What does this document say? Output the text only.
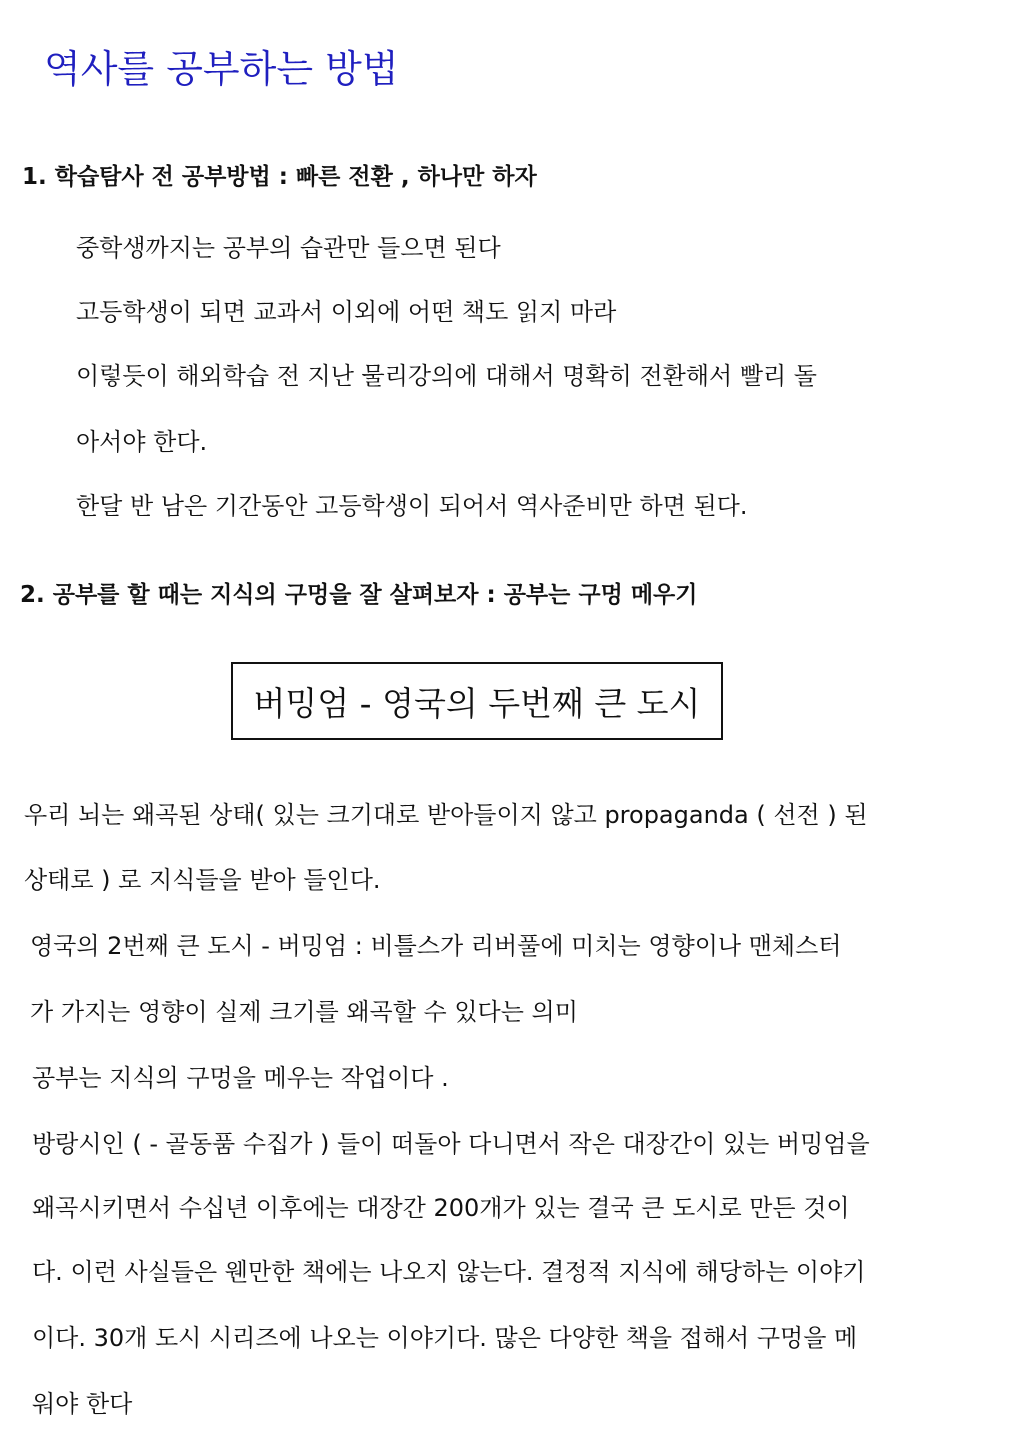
역사를 공부하는 방법
1. 학습탐사 전 공부방법 : 빠른 전환 , 하나만 하자
중학생까지는 공부의 습관만 들으면 된다
고등학생이 되면 교과서 이외에 어떤 책도 읽지 마라
이렇듯이 해외학습 전 지난 물리강의에 대해서 명확히 전환해서 빨리 돌
아서야 한다.
한달 반 남은 기간동안 고등학생이 되어서 역사준비만 하면 된다.
2. 공부를 할 때는 지식의 구멍을 잘 살펴보자 : 공부는 구멍 메우기
버밍엄 - 영국의 두번째 큰 도시
우리 뇌는 왜곡된 상태( 있는 크기대로 받아들이지 않고 propaganda ( 선전 ) 된
상태로 ) 로 지식들을 받아 들인다.
영국의 2번째 큰 도시 - 버밍엄 : 비틀스가 리버풀에 미치는 영향이나 맨체스터
가 가지는 영향이 실제 크기를 왜곡할 수 있다는 의미
공부는 지식의 구멍을 메우는 작업이다 .
방랑시인 ( - 골동품 수집가 ) 들이 떠돌아 다니면서 작은 대장간이 있는 버밍엄을
왜곡시키면서 수십년 이후에는 대장간 200개가 있는 결국 큰 도시로 만든 것이
다. 이런 사실들은 웬만한 책에는 나오지 않는다. 결정적 지식에 해당하는 이야기
이다. 30개 도시 시리즈에 나오는 이야기다. 많은 다양한 책을 접해서 구멍을 메
워야 한다
